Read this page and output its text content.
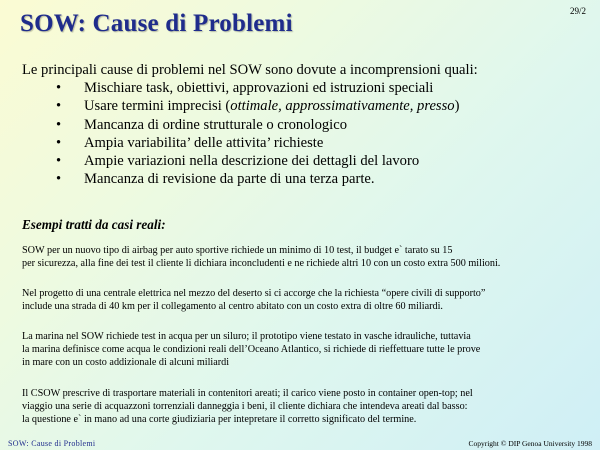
SOW: Cause di Problemi	29/2
Le principali cause di problemi nel SOW sono dovute a incomprensioni quali:
• Mischiare task, obiettivi, approvazioni ed istruzioni speciali
• Usare termini imprecisi (ottimale, approssimativamente, presso)
• Mancanza di ordine strutturale o cronologico
• Ampia variabilita’ delle attivita’ richieste
• Ampie variazioni nella descrizione dei dettagli del lavoro
• Mancanza di revisione da parte di una terza parte.
Esempi tratti da casi reali:

SOW per un nuovo tipo di airbag per auto sportive richiede un minimo di 10 test, il budget e` tarato su 15

per sicurezza, alla fine dei test il cliente li dichiara inconcludenti e ne richiede altri 10 con un costo extra 500 milioni.

Nel progetto di una centrale elettrica nel mezzo del deserto si ci accorge che la richiesta “opere civili di supporto”

include una strada di 40 km per il collegamento al centro abitato con un costo extra di oltre 60 miliardi.

La marina nel SOW richiede test in acqua per un siluro; il prototipo viene testato in vasche idrauliche, tuttavia

la marina definisce come acqua le condizioni reali dell’Oceano Atlantico, si richiede di rieffettuare tutte le prove

in mare con un costo addizionale di alcuni miliardi

Il CSOW prescrive di trasportare materiali in contenitori areati; il carico viene posto in container open-top; nel

viaggio una serie di acquazzoni torrenziali danneggia i beni, il cliente dichiara che intendeva areati dal basso:

la questione e` in mano ad una corte giudiziaria per intepretare il corretto significato del termine.

SOW: Cause di Problemi	Copyright © DIP Genoa University 1998
